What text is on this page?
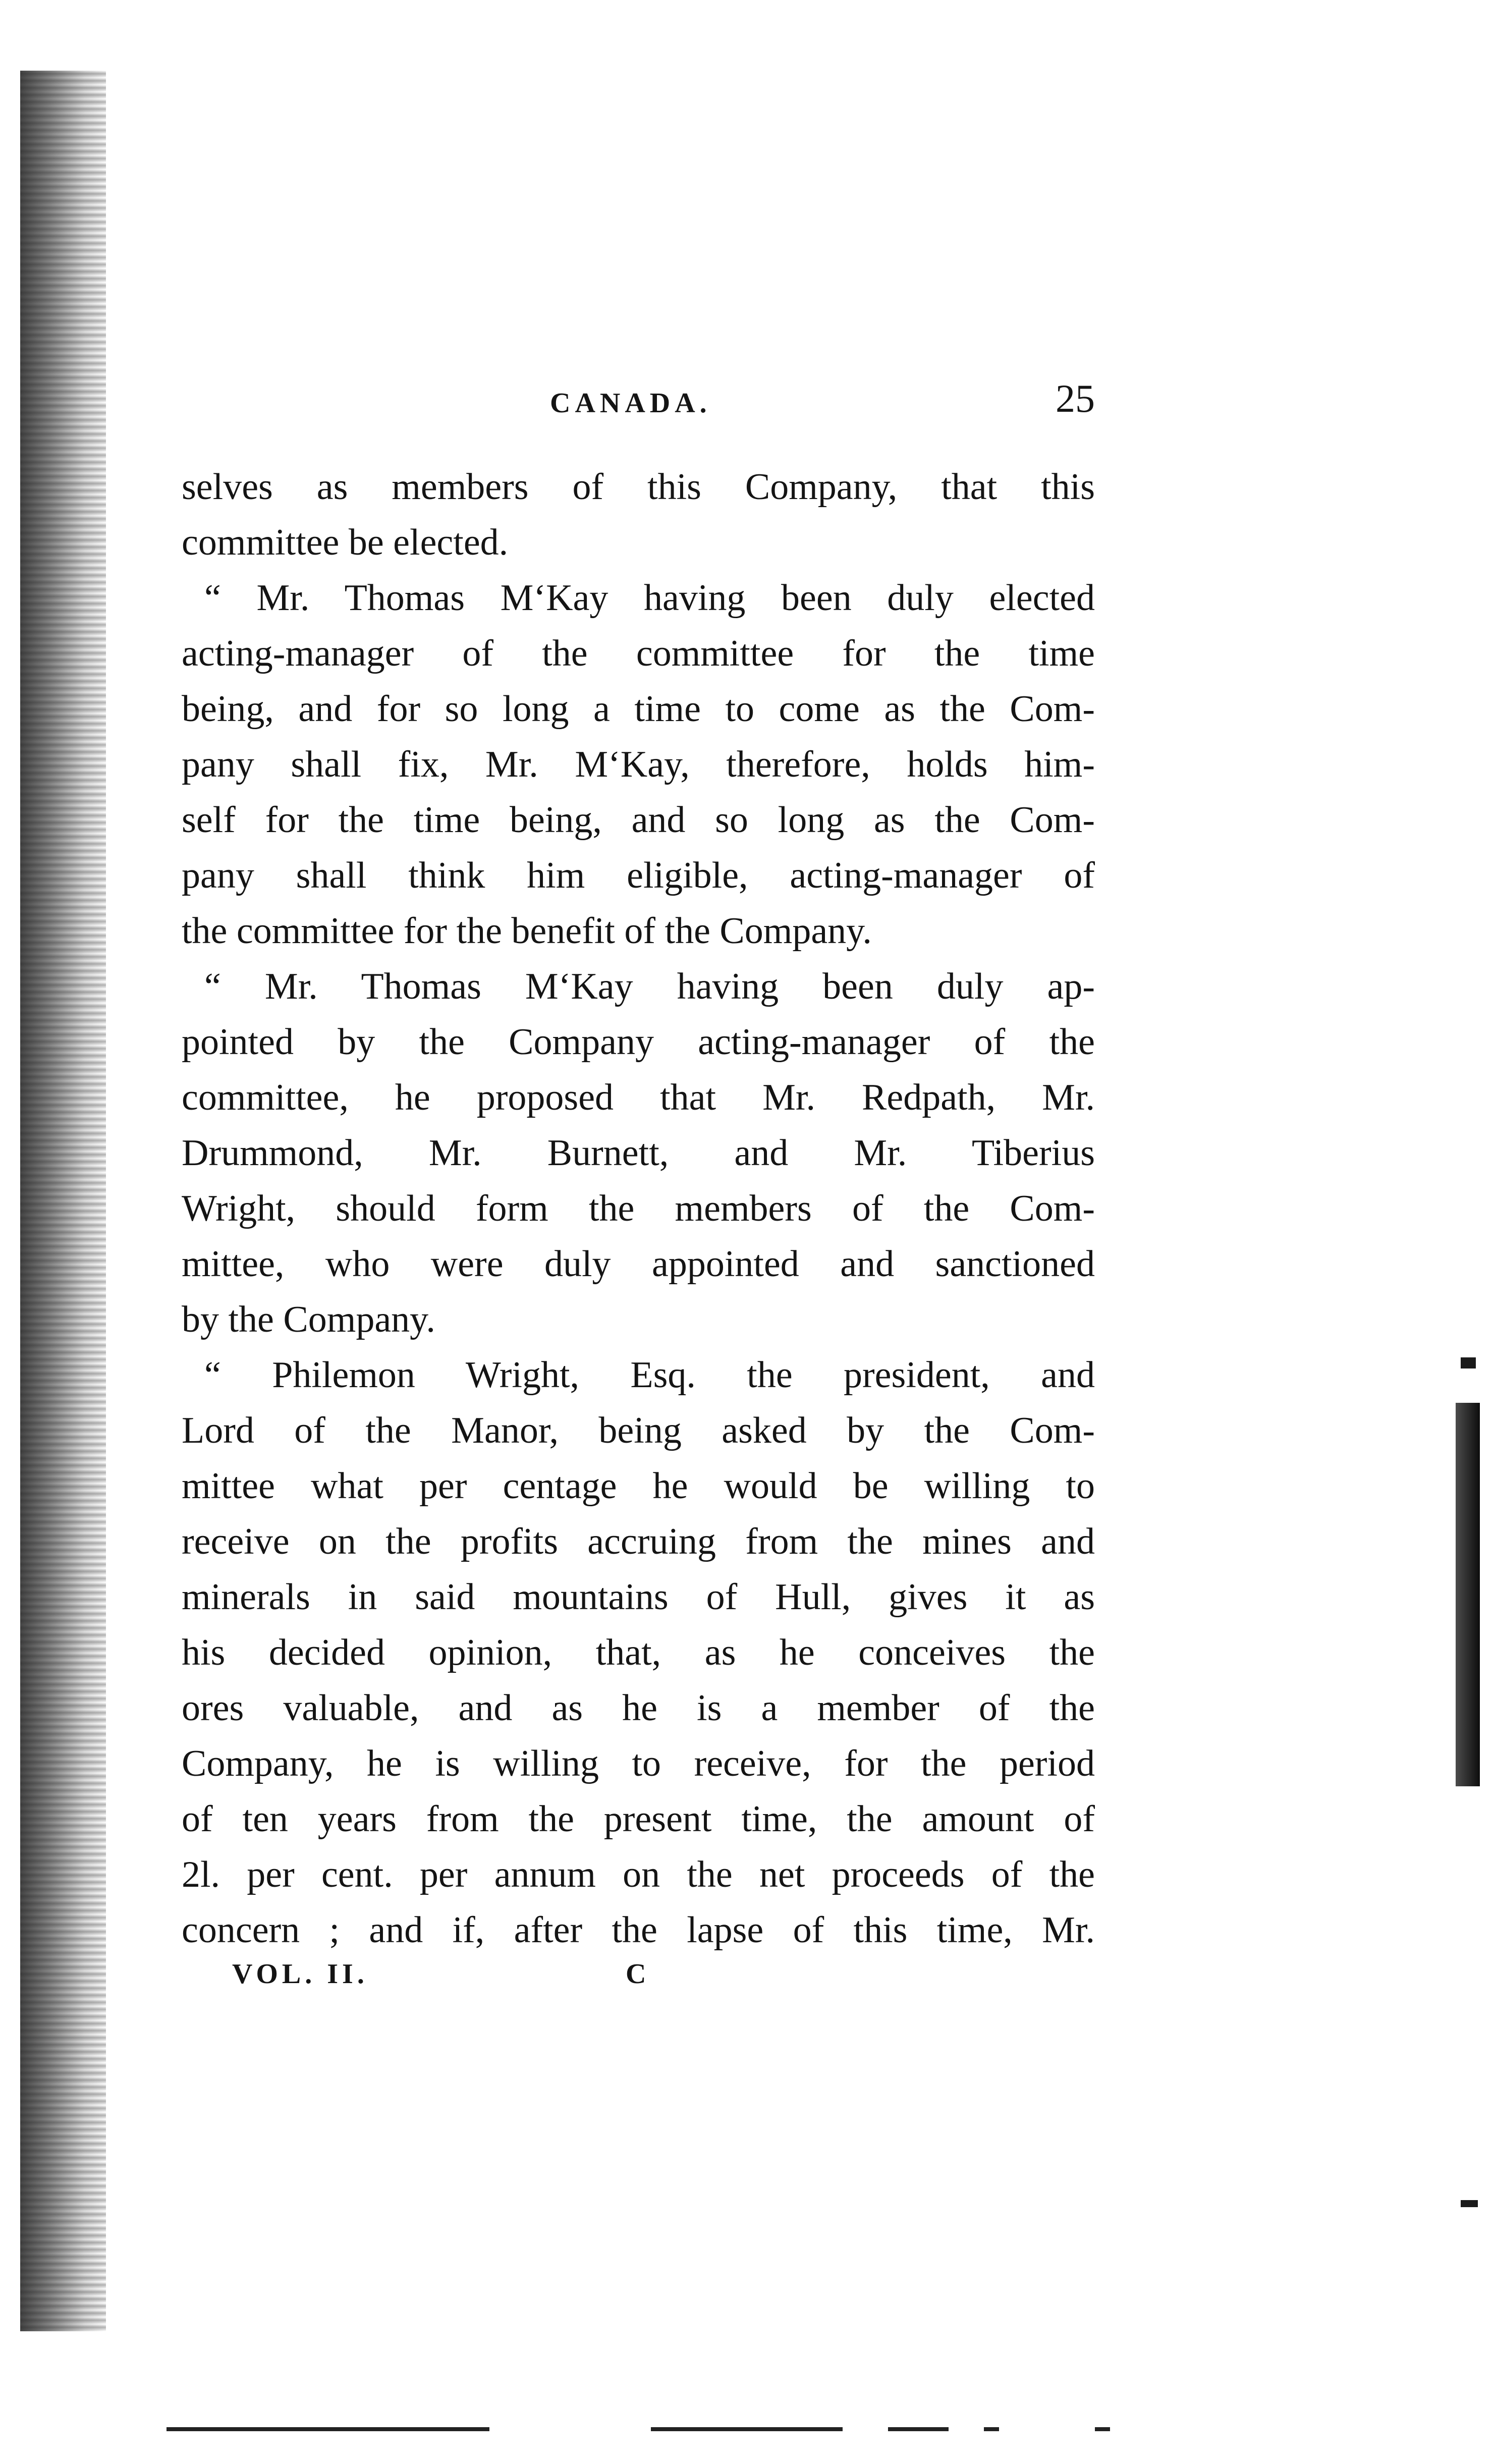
CANADA.	25
selves as members of this Company, that this
committee be elected.
“ Mr. Thomas M‘Kay having been duly elected
acting-manager of the committee for the time
being, and for so long a time to come as the Com-
pany shall fix, Mr. M‘Kay, therefore, holds him-
self for the time being, and so long as the Com-
pany shall think him eligible, acting-manager of
the committee for the benefit of the Company.
“ Mr. Thomas M‘Kay having been duly ap-
pointed by the Company acting-manager of the
committee, he proposed that Mr. Redpath, Mr.
Drummond, Mr. Burnett, and Mr. Tiberius
Wright, should form the members of the Com-
mittee, who were duly appointed and sanctioned
by the Company.
“ Philemon Wright, Esq. the president, and
Lord of the Manor, being asked by the Com-
mittee what per centage he would be willing to
receive on the profits accruing from the mines and
minerals in said mountains of Hull, gives it as
his decided opinion, that, as he conceives the
ores valuable, and as he is a member of the
Company, he is willing to receive, for the period
of ten years from the present time, the amount of
2l. per cent. per annum on the net proceeds of the
concern ; and if, after the lapse of this time, Mr.
VOL. II.	C
